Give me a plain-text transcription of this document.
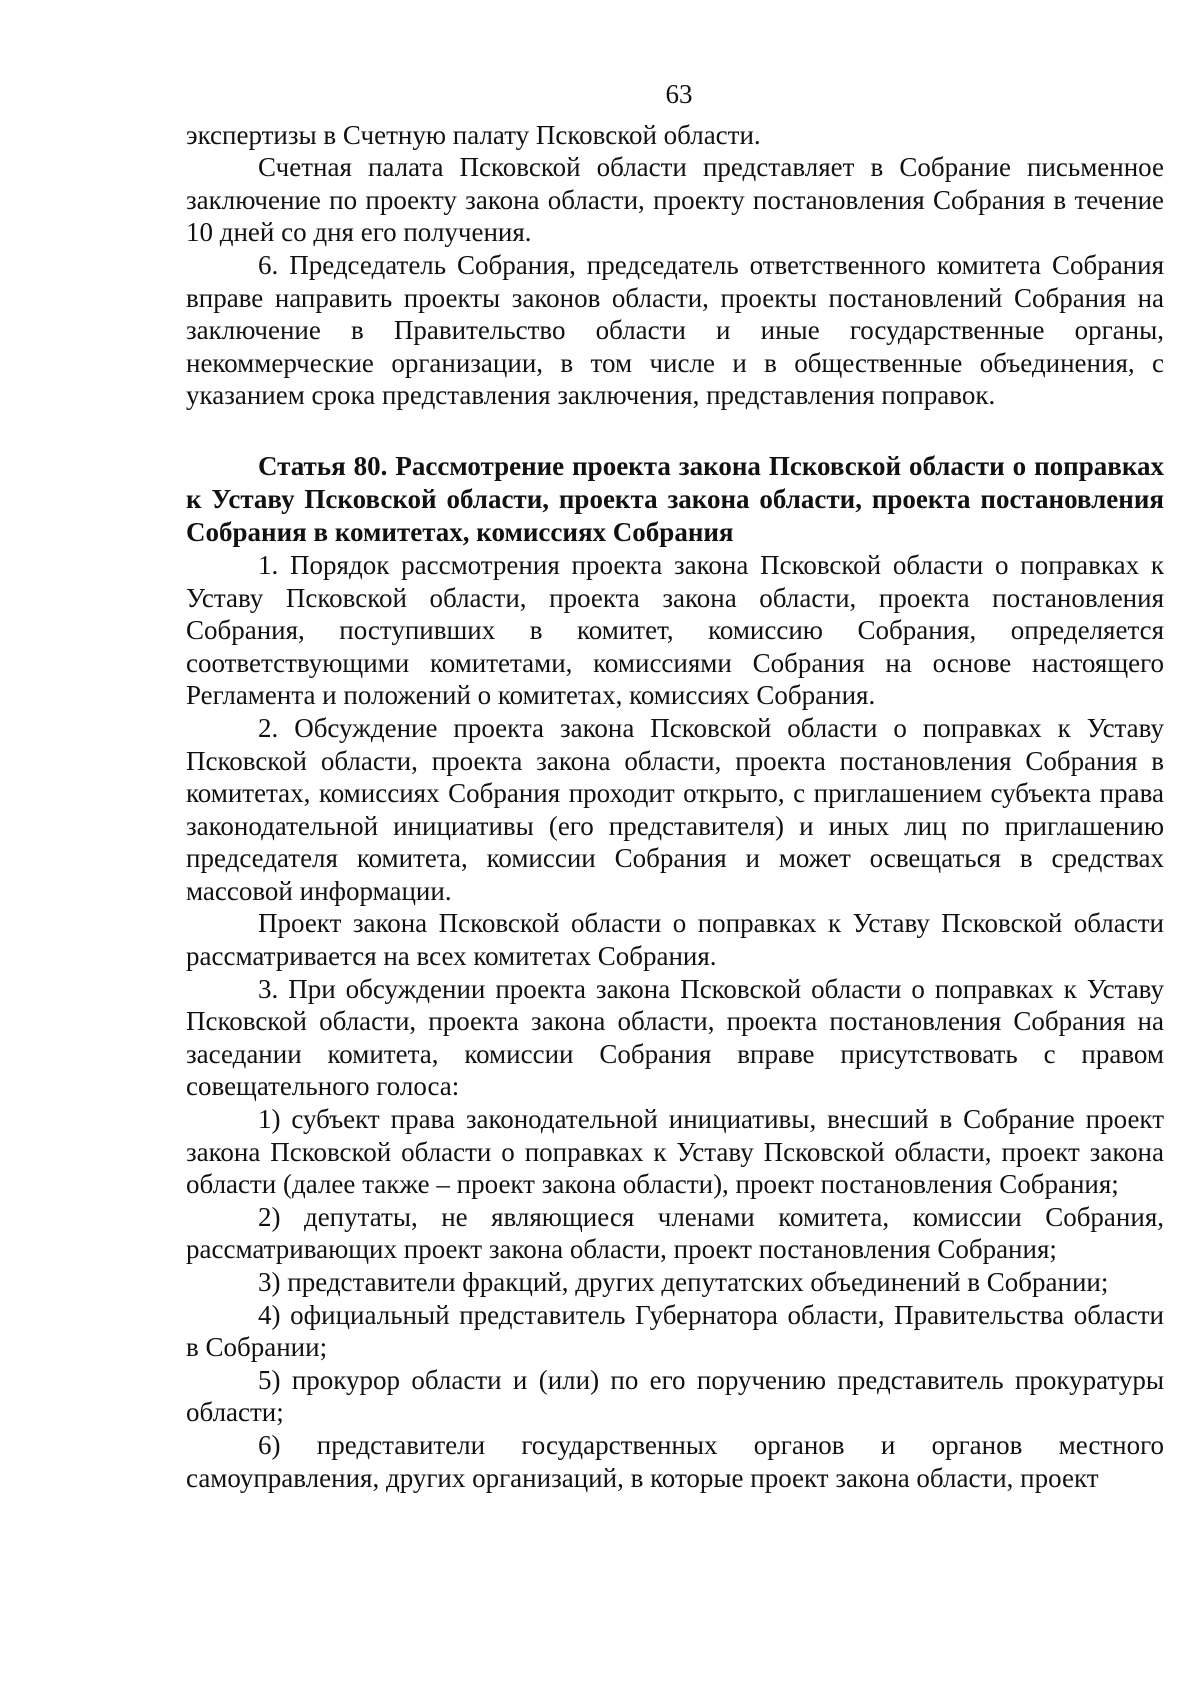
63

экспертизы в Счетную палату Псковской области.

Счетная палата Псковской области представляет в Собрание письменное заключение по проекту закона области, проекту постановления Собрания в течение 10 дней со дня его получения.

6. Председатель Собрания, председатель ответственного комитета Собрания вправе направить проекты законов области, проекты постановлений Собрания на заключение в Правительство области и иные государственные органы, некоммерческие организации, в том числе и в общественные объединения, с указанием срока представления заключения, представления поправок.

Статья 80. Рассмотрение проекта закона Псковской области о поправках к Уставу Псковской области, проекта закона области, проекта постановления Собрания в комитетах, комиссиях Собрания

1. Порядок рассмотрения проекта закона Псковской области о поправках к Уставу Псковской области, проекта закона области, проекта постановления Собрания, поступивших в комитет, комиссию Собрания, определяется соответствующими комитетами, комиссиями Собрания на основе настоящего Регламента и положений о комитетах, комиссиях Собрания.

2. Обсуждение проекта закона Псковской области о поправках к Уставу Псковской области, проекта закона области, проекта постановления Собрания в комитетах, комиссиях Собрания проходит открыто, с приглашением субъекта права законодательной инициативы (его представителя) и иных лиц по приглашению председателя комитета, комиссии Собрания и может освещаться в средствах массовой информации.

Проект закона Псковской области о поправках к Уставу Псковской области рассматривается на всех комитетах Собрания.

3. При обсуждении проекта закона Псковской области о поправках к Уставу Псковской области, проекта закона области, проекта постановления Собрания на заседании комитета, комиссии Собрания вправе присутствовать с правом совещательного голоса:

1) субъект права законодательной инициативы, внесший в Собрание проект закона Псковской области о поправках к Уставу Псковской области, проект закона области (далее также – проект закона области), проект постановления Собрания;

2) депутаты, не являющиеся членами комитета, комиссии Собрания, рассматривающих проект закона области, проект постановления Собрания;

3) представители фракций, других депутатских объединений в Собрании;

4) официальный представитель Губернатора области, Правительства области в Собрании;

5) прокурор области и (или) по его поручению представитель прокуратуры области;

6) представители государственных органов и органов местного самоуправления, других организаций, в которые проект закона области, проект
